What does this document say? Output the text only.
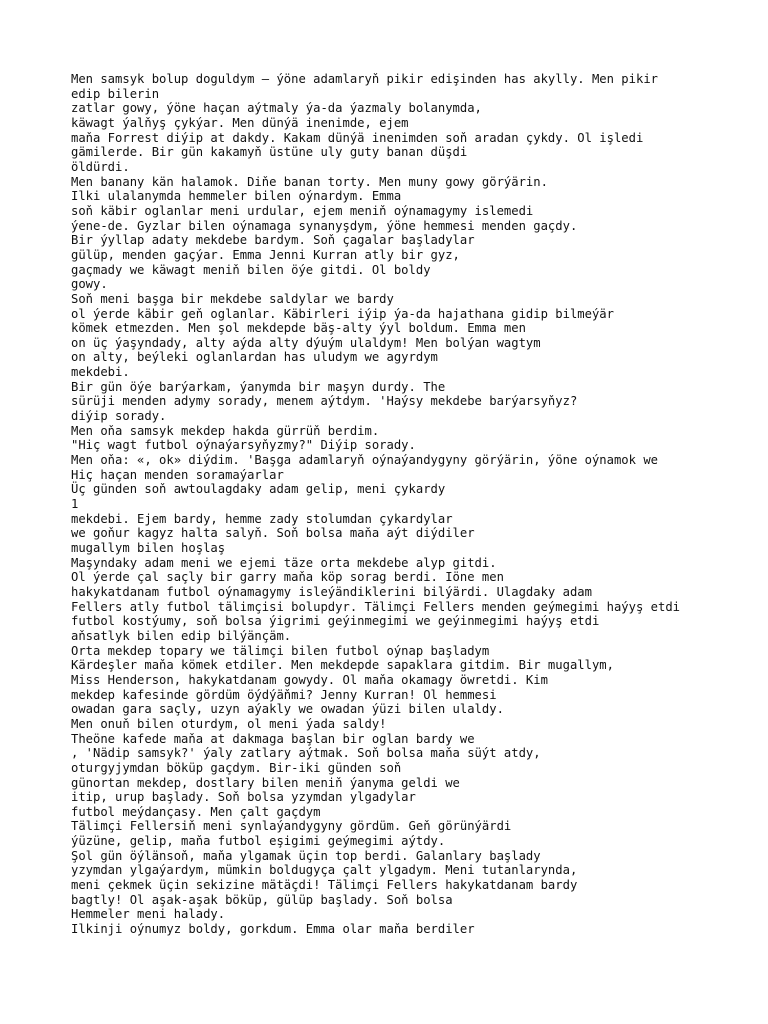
Men samsyk bolup doguldym — ýöne adamlaryň pikir edişinden has akylly. Men pikir
edip bilerin
zatlar gowy, ýöne haçan aýtmaly ýa-da ýazmaly bolanymda,
käwagt ýalňyş çykýar. Men dünýä inenimde, ejem
maňa Forrest diýip at dakdy. Kakam dünýä inenimden soň aradan çykdy. Ol işledi
gämilerde. Bir gün kakamyň üstüne uly guty banan düşdi
öldürdi.
Men banany kän halamok. Diňe banan torty. Men muny gowy görýärin.
Ilki ulalanymda hemmeler bilen oýnardym. Emma
soň käbir oglanlar meni urdular, ejem meniň oýnamagymy islemedi
ýene-de. Gyzlar bilen oýnamaga synanyşdym, ýöne hemmesi menden gaçdy.
Bir ýyllap adaty mekdebe bardym. Soň çagalar başladylar
gülüp, menden gaçýar. Emma Jenni Kurran atly bir gyz,
gaçmady we käwagt meniň bilen öýe gitdi. Ol boldy
gowy.
Soň meni başga bir mekdebe saldylar we bardy
ol ýerde käbir geň oglanlar. Käbirleri iýip ýa-da hajathana gidip bilmeýär
kömek etmezden. Men şol mekdepde bäş-alty ýyl boldum. Emma men
on üç ýaşyndady, alty aýda alty dýuým ulaldym! Men bolýan wagtym
on alty, beýleki oglanlardan has uludym we agyrdym
mekdebi.
Bir gün öýe barýarkam, ýanymda bir maşyn durdy. The
sürüji menden adymy sorady, menem aýtdym. 'Haýsy mekdebe barýarsyňyz?
diýip sorady.
Men oňa samsyk mekdep hakda gürrüň berdim.
"Hiç wagt futbol oýnaýarsyňyzmy?" Diýip sorady.
Men oňa: «, ok» diýdim. 'Başga adamlaryň oýnaýandygyny görýärin, ýöne oýnamok we
Hiç haçan menden soramaýarlar
Üç günden soň awtoulagdaky adam gelip, meni çykardy
1
mekdebi. Ejem bardy, hemme zady stolumdan çykardylar
we goňur kagyz halta salyň. Soň bolsa maňa aýt diýdiler
mugallym bilen hoşlaş
Maşyndaky adam meni we ejemi täze orta mekdebe alyp gitdi.
Ol ýerde çal saçly bir garry maňa köp sorag berdi. Iöne men
hakykatdanam futbol oýnamagymy isleýändiklerini bilýärdi. Ulagdaky adam
Fellers atly futbol tälimçisi bolupdyr. Tälimçi Fellers menden geýmegimi haýyş etdi
futbol kostýumy, soň bolsa ýigrimi geýinmegimi we geýinmegimi haýyş etdi
aňsatlyk bilen edip bilýänçäm.
Orta mekdep topary we tälimçi bilen futbol oýnap başladym
Kärdeşler maňa kömek etdiler. Men mekdepde sapaklara gitdim. Bir mugallym,
Miss Henderson, hakykatdanam gowydy. Ol maňa okamagy öwretdi. Kim
mekdep kafesinde gördüm öýdýäňmi? Jenny Kurran! Ol hemmesi
owadan gara saçly, uzyn aýakly we owadan ýüzi bilen ulaldy.
Men onuň bilen oturdym, ol meni ýada saldy!
Theöne kafede maňa at dakmaga başlan bir oglan bardy we
, 'Nädip samsyk?' ýaly zatlary aýtmak. Soň bolsa maňa süýt atdy,
oturgyjymdan böküp gaçdym. Bir-iki günden soň
günortan mekdep, dostlary bilen meniň ýanyma geldi we
itip, urup başlady. Soň bolsa yzymdan ylgadylar
futbol meýdançasy. Men çalt gaçdym
Tälimçi Fellersiň meni synlaýandygyny gördüm. Geň görünýärdi
ýüzüne, gelip, maňa futbol eşigimi geýmegimi aýtdy.
Şol gün öýlänsoň, maňa ylgamak üçin top berdi. Galanlary başlady
yzymdan ylgaýardym, mümkin boldugyça çalt ylgadym. Meni tutanlarynda,
meni çekmek üçin sekizine mätäçdi! Tälimçi Fellers hakykatdanam bardy
bagtly! Ol aşak-aşak böküp, gülüp başlady. Soň bolsa
Hemmeler meni halady.
Ilkinji oýnumyz boldy, gorkdum. Emma olar maňa berdiler
